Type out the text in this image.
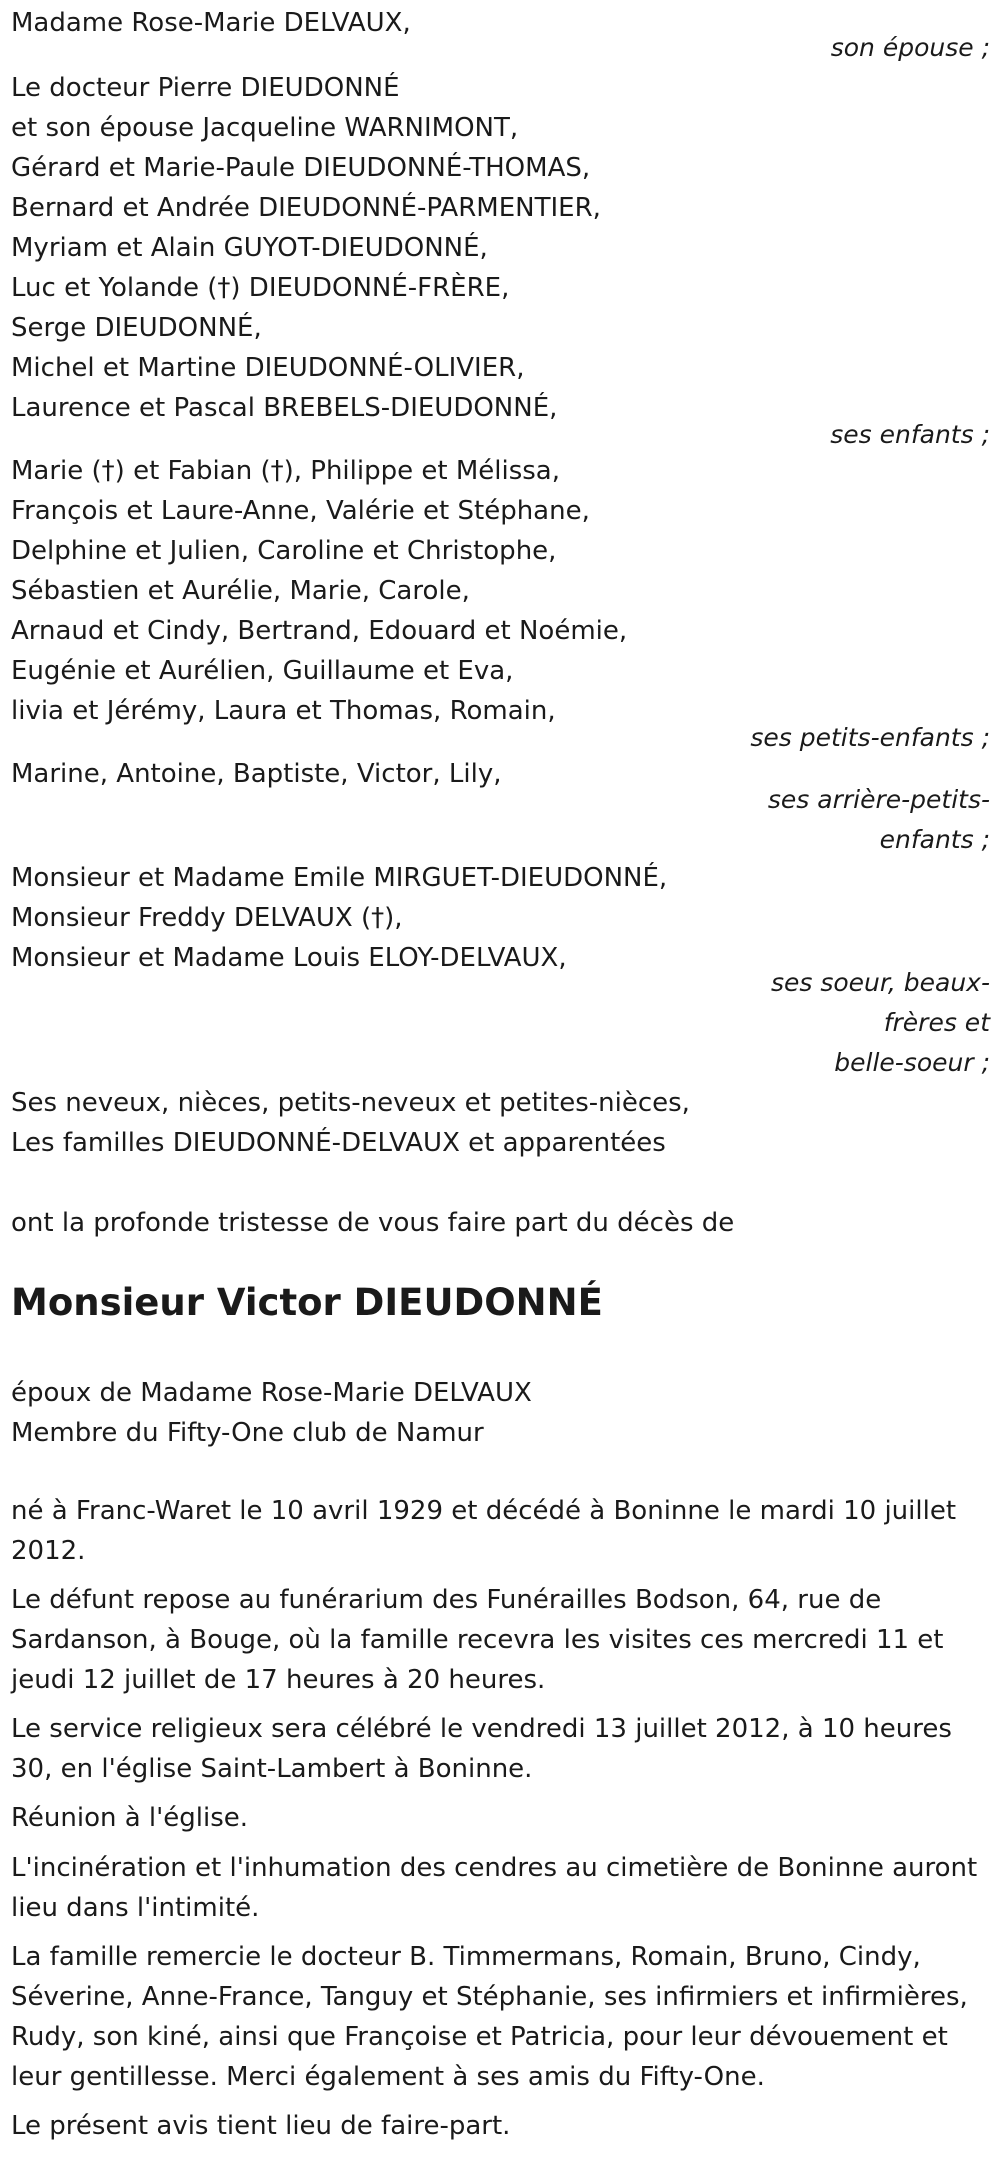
Madame Rose-Marie DELVAUX,
son épouse ;
Le docteur Pierre DIEUDONNÉ
et son épouse Jacqueline WARNIMONT,
Gérard et Marie-Paule DIEUDONNÉ-THOMAS,
Bernard et Andrée DIEUDONNÉ-PARMENTIER,
Myriam et Alain GUYOT-DIEUDONNÉ,
Luc et Yolande (†) DIEUDONNÉ-FRÈRE,
Serge DIEUDONNÉ,
Michel et Martine DIEUDONNÉ-OLIVIER,
Laurence et Pascal BREBELS-DIEUDONNÉ,
ses enfants ;
Marie (†) et Fabian (†), Philippe et Mélissa,
François et Laure-Anne, Valérie et Stéphane,
Delphine et Julien, Caroline et Christophe,
Sébastien et Aurélie, Marie, Carole,
Arnaud et Cindy, Bertrand, Edouard et Noémie,
Eugénie et Aurélien, Guillaume et Eva,
livia et Jérémy, Laura et Thomas, Romain,
ses petits-enfants ;
Marine, Antoine, Baptiste, Victor, Lily,
ses arrière-petits-
enfants ;
Monsieur et Madame Emile MIRGUET-DIEUDONNÉ,
Monsieur Freddy DELVAUX (†),
Monsieur et Madame Louis ELOY-DELVAUX,
ses soeur, beaux-
frères et
belle-soeur ;
Ses neveux, nièces, petits-neveux et petites-nièces,
Les familles DIEUDONNÉ-DELVAUX et apparentées
ont la profonde tristesse de vous faire part du décès de
Monsieur Victor DIEUDONNÉ
époux de Madame Rose-Marie DELVAUX
Membre du Fifty-One club de Namur
né à Franc-Waret le 10 avril 1929 et décédé à Boninne le mardi 10 juillet 2012.
Le défunt repose au funérarium des Funérailles Bodson, 64, rue de Sardanson, à Bouge, où la famille recevra les visites ces mercredi 11 et jeudi 12 juillet de 17 heures à 20 heures.
Le service religieux sera célébré le vendredi 13 juillet 2012, à 10 heures 30, en l'église Saint-Lambert à Boninne.
Réunion à l'église.
L'incinération et l'inhumation des cendres au cimetière de Boninne auront lieu dans l'intimité.
La famille remercie le docteur B. Timmermans, Romain, Bruno, Cindy, Séverine, Anne-France, Tanguy et Stéphanie, ses infirmiers et infirmières, Rudy, son kiné, ainsi que Françoise et Patricia, pour leur dévouement et leur gentillesse. Merci également à ses amis du Fifty-One.
Le présent avis tient lieu de faire-part.
